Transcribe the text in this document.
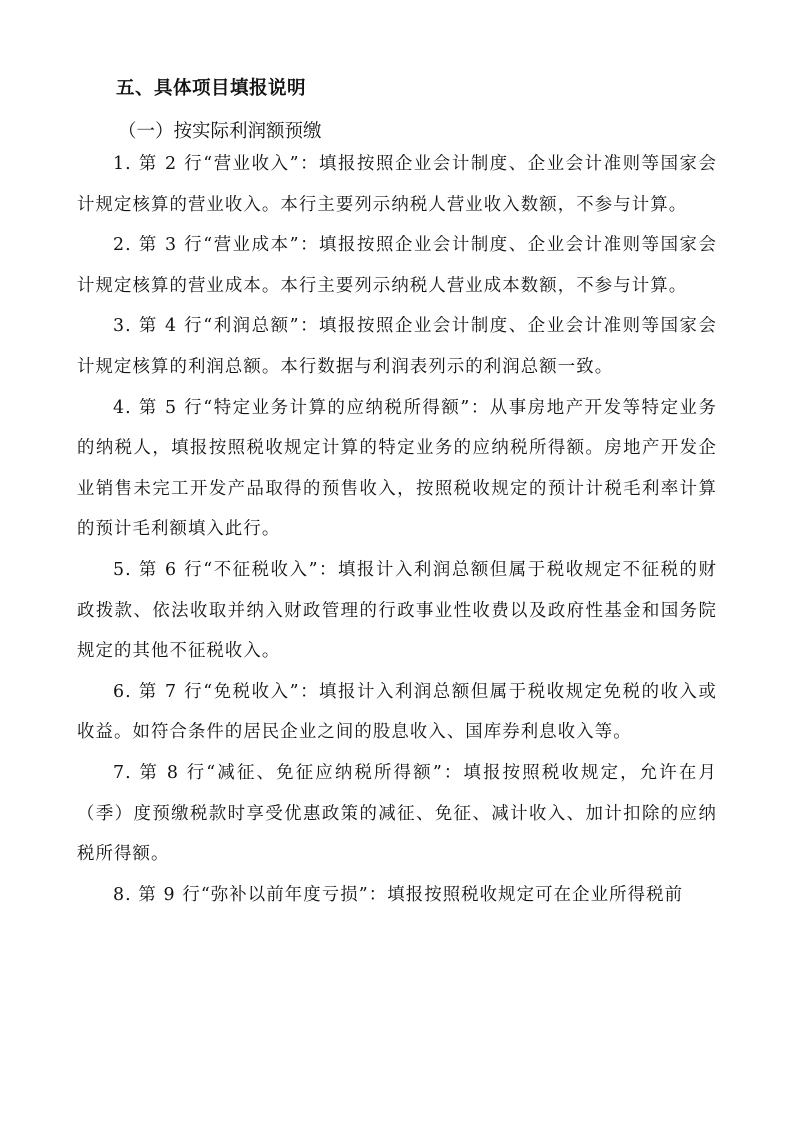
五、具体项目填报说明
（一）按实际利润额预缴

1. 第 2 行“营业收入”：填报按照企业会计制度、企业会计准则等国家会计规定核算的营业收入。本行主要列示纳税人营业收入数额，不参与计算。

2. 第 3 行“营业成本”：填报按照企业会计制度、企业会计准则等国家会计规定核算的营业成本。本行主要列示纳税人营业成本数额，不参与计算。

3. 第 4 行“利润总额”：填报按照企业会计制度、企业会计准则等国家会计规定核算的利润总额。本行数据与利润表列示的利润总额一致。

4. 第 5 行“特定业务计算的应纳税所得额”：从事房地产开发等特定业务的纳税人，填报按照税收规定计算的特定业务的应纳税所得额。房地产开发企业销售未完工开发产品取得的预售收入，按照税收规定的预计计税毛利率计算的预计毛利额填入此行。

5. 第 6 行“不征税收入”：填报计入利润总额但属于税收规定不征税的财政拨款、依法收取并纳入财政管理的行政事业性收费以及政府性基金和国务院规定的其他不征税收入。

6. 第 7 行“免税收入”：填报计入利润总额但属于税收规定免税的收入或收益。如符合条件的居民企业之间的股息收入、国库券利息收入等。

7. 第 8 行“减征、免征应纳税所得额”：填报按照税收规定，允许在月（季）度预缴税款时享受优惠政策的减征、免征、减计收入、加计扣除的应纳税所得额。

8. 第 9 行“弥补以前年度亏损”：填报按照税收规定可在企业所得税前
